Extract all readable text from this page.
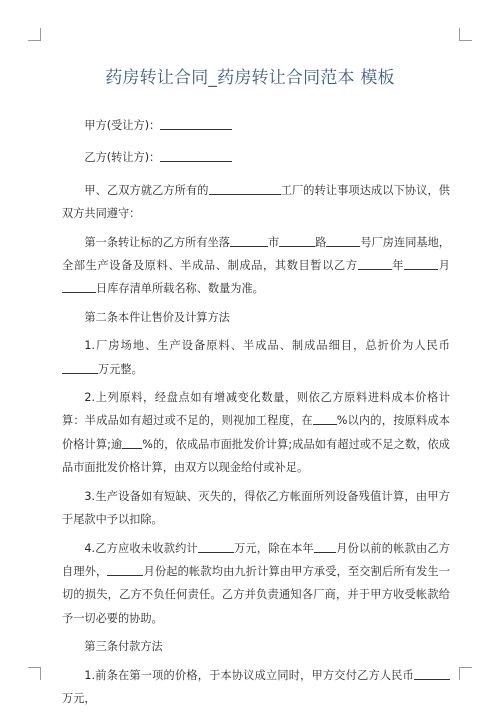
药房转让合同_药房转让合同范本 模板

甲方(受让方)：

乙方(转让方)：

甲、乙双方就乙方所有的	工厂的转让事项达成以下协议，供双方共同遵守：

第一条转让标的乙方所有坐落	市	路	号厂房连同基地，全部生产设备及原料、半成品、制成品，其数目暂以乙方	年	月日库存清单所载名称、数量为准。

第二条本件让售价及计算方法

1.厂房场地、生产设备原料、半成品、制成品细目，总折价为人民币万元整。

2.上列原料，经盘点如有增减变化数量，则依乙方原料进料成本价格计算：半成品如有超过或不足的，则视加工程度，在 %以内的，按原料成本价格计算;逾 %的，依成品市面批发价计算;成品如有超过或不足之数，依成品市面批发价格计算，由双方以现金给付或补足。

3.生产设备如有短缺、灭失的，得依乙方帐面所列设备残值计算，由甲方于尾款中予以扣除。

4.乙方应收未收款约计	万元，除在本年 月份以前的帐款由乙方自理外，	月份起的帐款均由九折计算由甲方承受，至交割后所有发生一切的损失，乙方不负任何责任。乙方并负责通知各厂商，并于甲方收受帐款给予一切必要的协助。

第三条付款方法

1.前条在第一项的价格，于本协议成立同时，甲方交付乙方人民币万元，
